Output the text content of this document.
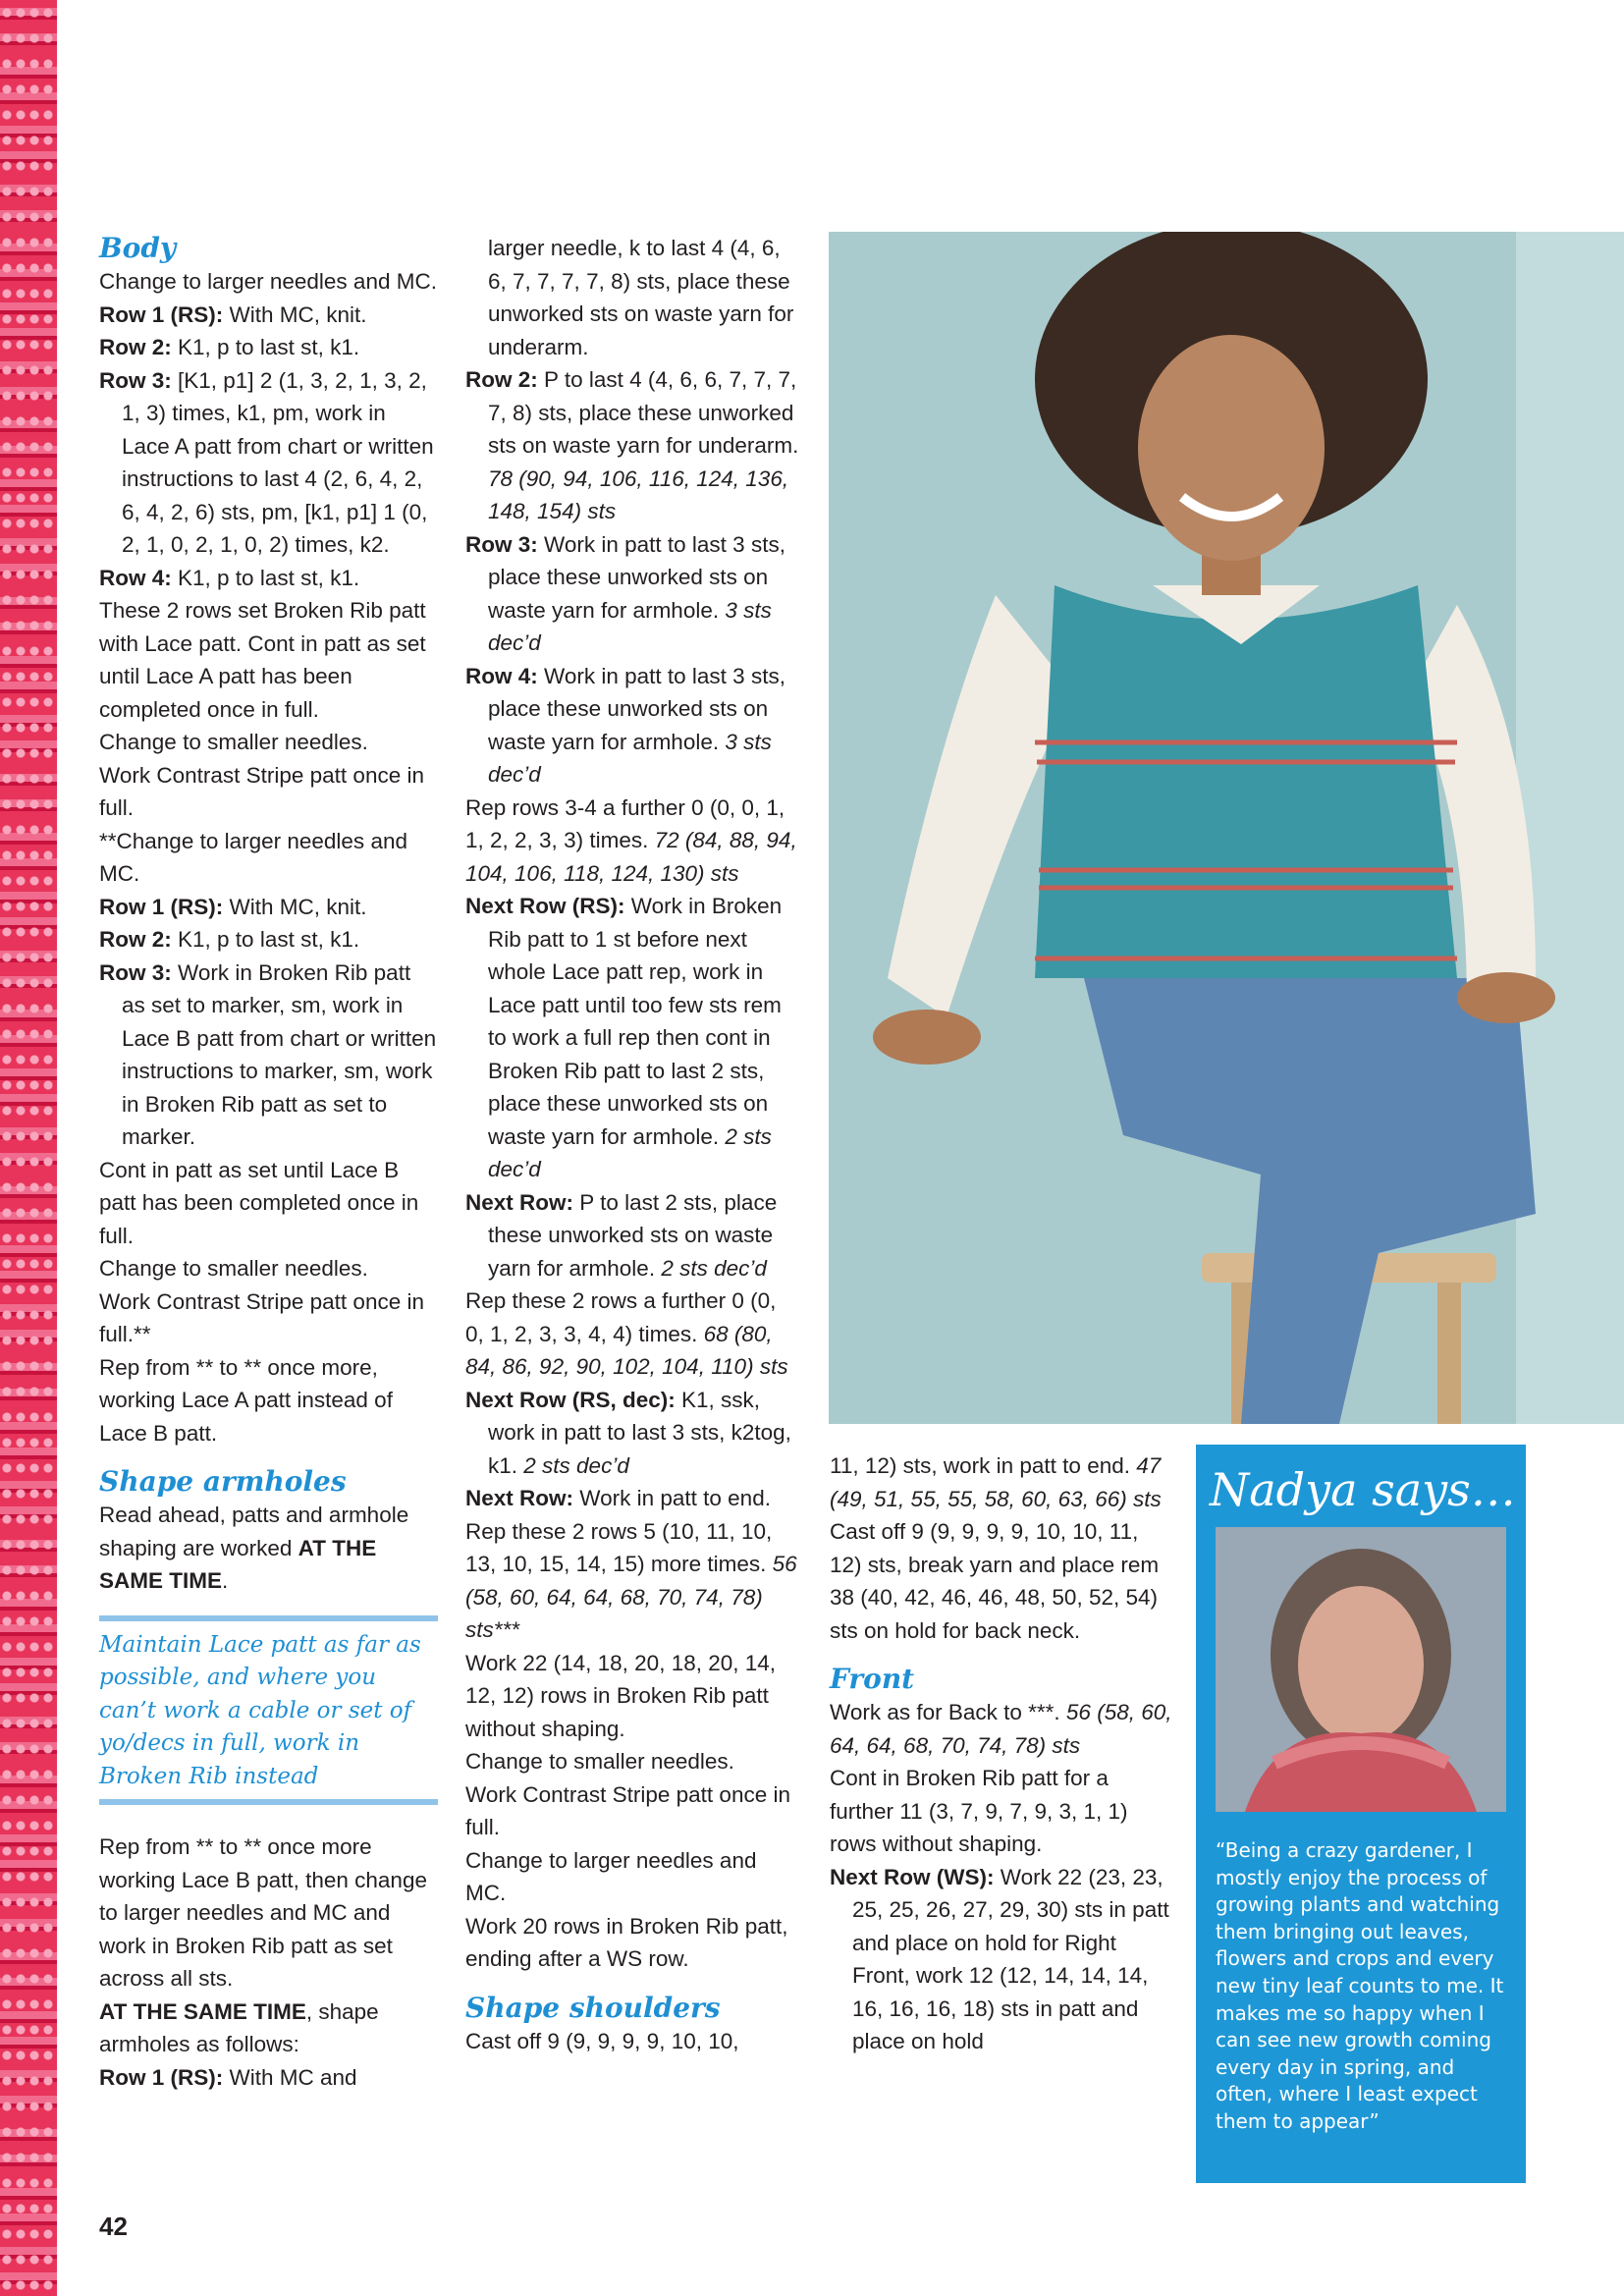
Body

Change to larger needles and MC.

Row 1 (RS): With MC, knit.

Row 2: K1, p to last st, k1.

Row 3: [K1, p1] 2 (1, 3, 2, 1, 3, 2, 1, 3) times, k1, pm, work in Lace A patt from chart or written instructions to last 4 (2, 6, 4, 2, 6, 4, 2, 6) sts, pm, [k1, p1] 1 (0, 2, 1, 0, 2, 1, 0, 2) times, k2.

Row 4: K1, p to last st, k1.

These 2 rows set Broken Rib patt with Lace patt. Cont in patt as set until Lace A patt has been completed once in full.

Change to smaller needles.

Work Contrast Stripe patt once in full.

**Change to larger needles and MC.

Row 1 (RS): With MC, knit.

Row 2: K1, p to last st, k1.

Row 3: Work in Broken Rib patt as set to marker, sm, work in Lace B patt from chart or written instructions to marker, sm, work in Broken Rib patt as set to marker.

Cont in patt as set until Lace B patt has been completed once in full.

Change to smaller needles.

Work Contrast Stripe patt once in full.**

Rep from ** to ** once more, working Lace A patt instead of Lace B patt.

Shape armholes

Read ahead, patts and armhole shaping are worked AT THE SAME TIME.

Maintain Lace patt as far as possible, and where you can’t work a cable or set of yo/decs in full, work in Broken Rib instead

Rep from ** to ** once more working Lace B patt, then change to larger needles and MC and work in Broken Rib patt as set across all sts.

AT THE SAME TIME, shape armholes as follows:

Row 1 (RS): With MC and

larger needle, k to last 4 (4, 6, 6, 7, 7, 7, 7, 8) sts, place these unworked sts on waste yarn for underarm.

Row 2: P to last 4 (4, 6, 6, 7, 7, 7, 7, 8) sts, place these unworked sts on waste yarn for underarm. 78 (90, 94, 106, 116, 124, 136, 148, 154) sts

Row 3: Work in patt to last 3 sts, place these unworked sts on waste yarn for armhole. 3 sts dec’d

Row 4: Work in patt to last 3 sts, place these unworked sts on waste yarn for armhole. 3 sts dec’d

Rep rows 3-4 a further 0 (0, 0, 1, 1, 2, 2, 3, 3) times. 72 (84, 88, 94, 104, 106, 118, 124, 130) sts

Next Row (RS): Work in Broken Rib patt to 1 st before next whole Lace patt rep, work in Lace patt until too few sts rem to work a full rep then cont in Broken Rib patt to last 2 sts, place these unworked sts on waste yarn for armhole. 2 sts dec’d

Next Row: P to last 2 sts, place these unworked sts on waste yarn for armhole. 2 sts dec’d

Rep these 2 rows a further 0 (0, 0, 1, 2, 3, 3, 4, 4) times. 68 (80, 84, 86, 92, 90, 102, 104, 110) sts

Next Row (RS, dec): K1, ssk, work in patt to last 3 sts, k2tog, k1. 2 sts dec’d

Next Row: Work in patt to end.

Rep these 2 rows 5 (10, 11, 10, 13, 10, 15, 14, 15) more times. 56 (58, 60, 64, 64, 68, 70, 74, 78) sts***

Work 22 (14, 18, 20, 18, 20, 14, 12, 12) rows in Broken Rib patt without shaping.

Change to smaller needles.

Work Contrast Stripe patt once in full.

Change to larger needles and MC.

Work 20 rows in Broken Rib patt, ending after a WS row.

Shape shoulders

Cast off 9 (9, 9, 9, 9, 10, 10,

11, 12) sts, work in patt to end. 47 (49, 51, 55, 55, 58, 60, 63, 66) sts

Cast off 9 (9, 9, 9, 9, 10, 10, 11, 12) sts, break yarn and place rem 38 (40, 42, 46, 46, 48, 50, 52, 54) sts on hold for back neck.

Front

Work as for Back to ***. 56 (58, 60, 64, 64, 68, 70, 74, 78) sts

Cont in Broken Rib patt for a further 11 (3, 7, 9, 7, 9, 3, 1, 1) rows without shaping.

Next Row (WS): Work 22 (23, 23, 25, 25, 26, 27, 29, 30) sts in patt and place on hold for Right Front, work 12 (12, 14, 14, 14, 16, 16, 16, 18) sts in patt and place on hold

Nadya says…
“Being a crazy gardener, I mostly enjoy the process of growing plants and watching them bringing out leaves, flowers and crops and every new tiny leaf counts to me. It makes me so happy when I can see new growth coming every day in spring, and often, where I least expect them to appear”
42
